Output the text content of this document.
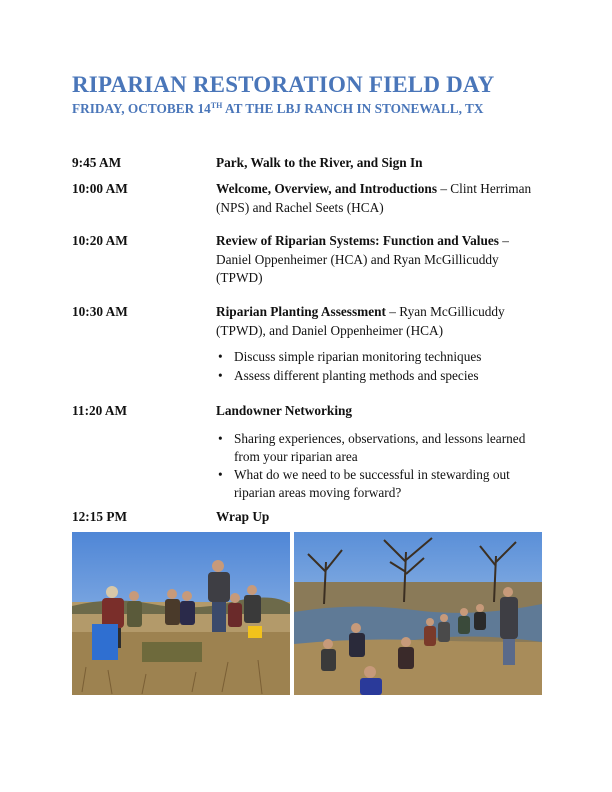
RIPARIAN RESTORATION FIELD DAY
FRIDAY, OCTOBER 14TH AT THE LBJ RANCH IN STONEWALL, TX
9:45 AM	Park, Walk to the River, and Sign In
10:00 AM	Welcome, Overview, and Introductions – Clint Herriman (NPS) and Rachel Seets (HCA)
10:20 AM	Review of Riparian Systems: Function and Values – Daniel Oppenheimer (HCA) and Ryan McGillicuddy (TPWD)
10:30 AM	Riparian Planting Assessment – Ryan McGillicuddy (TPWD), and Daniel Oppenheimer (HCA)
• Discuss simple riparian monitoring techniques
• Assess different planting methods and species
11:20 AM	Landowner Networking
• Sharing experiences, observations, and lessons learned from your riparian area
• What do we need to be successful in stewarding out riparian areas moving forward?
12:15 PM	Wrap Up
